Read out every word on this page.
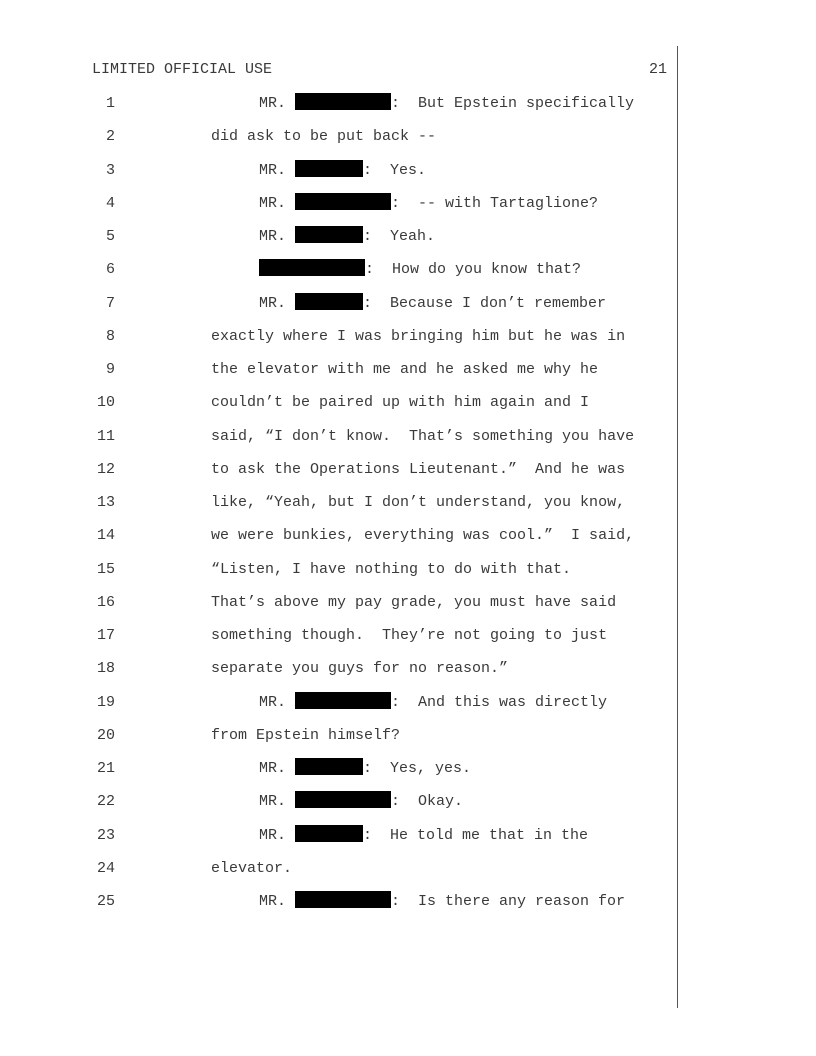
LIMITED OFFICIAL USE	21
1	MR.	:  But Epstein specifically
2	did ask to be put back --
3	MR.	:  Yes.
4	MR.	:  -- with Tartaglione?
5	MR.	:  Yeah.
6	:  How do you know that?
7	MR.	:  Because I don’t remember
8	exactly where I was bringing him but he was in
9	the elevator with me and he asked me why he
10	couldn’t be paired up with him again and I
11	said, “I don’t know.  That’s something you have
12	to ask the Operations Lieutenant.”  And he was
13	like, “Yeah, but I don’t understand, you know,
14	we were bunkies, everything was cool.”  I said,
15	“Listen, I have nothing to do with that.
16	That’s above my pay grade, you must have said
17	something though.  They’re not going to just
18	separate you guys for no reason.”
19	MR.	:  And this was directly
20	from Epstein himself?
21	MR.	:  Yes, yes.
22	MR.	:  Okay.
23	MR.	:  He told me that in the
24	elevator.
25	MR.	:  Is there any reason for
